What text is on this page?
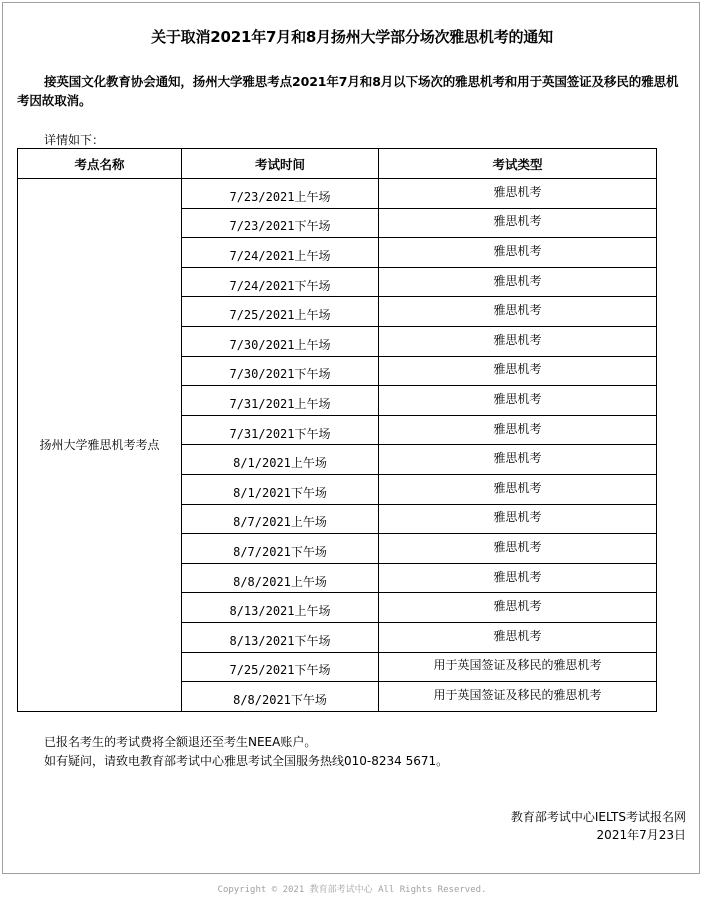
关于取消2021年7月和8月扬州大学部分场次雅思机考的通知
接英国文化教育协会通知，扬州大学雅思考点2021年7月和8月以下场次的雅思机考和用于英国签证及移民的雅思机考因故取消。
详情如下：
考点名称	考试时间	考试类型
扬州大学雅思机考考点	7/23/2021上午场	雅思机考
	7/23/2021下午场	雅思机考
	7/24/2021上午场	雅思机考
	7/24/2021下午场	雅思机考
	7/25/2021上午场	雅思机考
	7/30/2021上午场	雅思机考
	7/30/2021下午场	雅思机考
	7/31/2021上午场	雅思机考
	7/31/2021下午场	雅思机考
	8/1/2021上午场	雅思机考
	8/1/2021下午场	雅思机考
	8/7/2021上午场	雅思机考
	8/7/2021下午场	雅思机考
	8/8/2021上午场	雅思机考
	8/13/2021上午场	雅思机考
	8/13/2021下午场	雅思机考
	7/25/2021下午场	用于英国签证及移民的雅思机考
	8/8/2021下午场	用于英国签证及移民的雅思机考
已报名考生的考试费将全额退还至考生NEEA账户。
如有疑问，请致电教育部考试中心雅思考试全国服务热线010-8234 5671。
教育部考试中心IELTS考试报名网
2021年7月23日
Copyright © 2021 教育部考试中心 All Rights Reserved.
